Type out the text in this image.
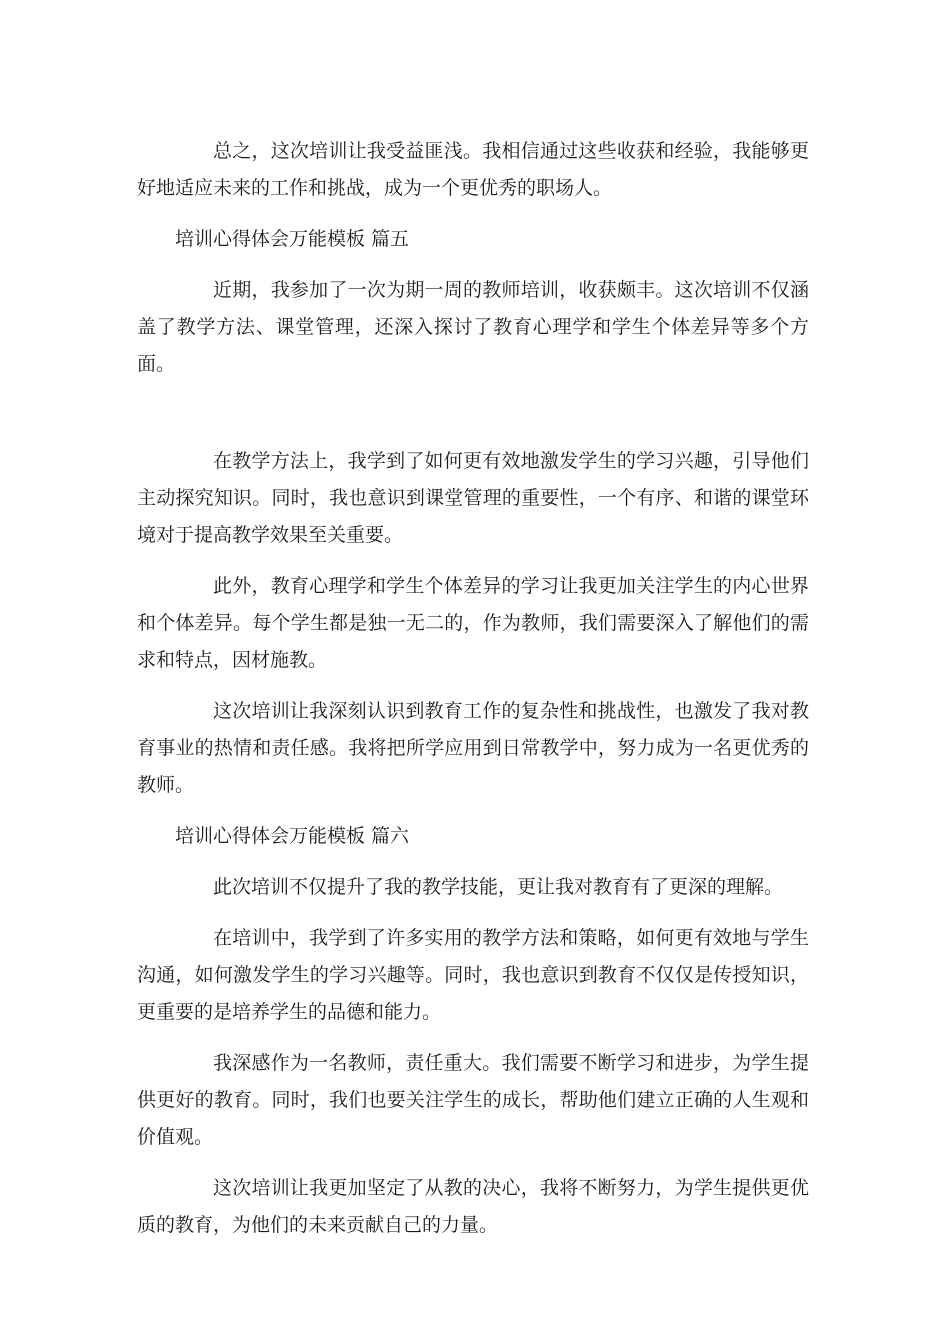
总之，这次培训让我受益匪浅。我相信通过这些收获和经验，我能够更好地适应未来的工作和挑战，成为一个更优秀的职场人。

培训心得体会万能模板 篇五

近期，我参加了一次为期一周的教师培训，收获颇丰。这次培训不仅涵盖了教学方法、课堂管理，还深入探讨了教育心理学和学生个体差异等多个方面。

在教学方法上，我学到了如何更有效地激发学生的学习兴趣，引导他们主动探究知识。同时，我也意识到课堂管理的重要性，一个有序、和谐的课堂环境对于提高教学效果至关重要。

此外，教育心理学和学生个体差异的学习让我更加关注学生的内心世界和个体差异。每个学生都是独一无二的，作为教师，我们需要深入了解他们的需求和特点，因材施教。

这次培训让我深刻认识到教育工作的复杂性和挑战性，也激发了我对教育事业的热情和责任感。我将把所学应用到日常教学中，努力成为一名更优秀的教师。

培训心得体会万能模板 篇六

此次培训不仅提升了我的教学技能，更让我对教育有了更深的理解。

在培训中，我学到了许多实用的教学方法和策略，如何更有效地与学生沟通，如何激发学生的学习兴趣等。同时，我也意识到教育不仅仅是传授知识，更重要的是培养学生的品德和能力。

我深感作为一名教师，责任重大。我们需要不断学习和进步，为学生提供更好的教育。同时，我们也要关注学生的成长，帮助他们建立正确的人生观和价值观。

这次培训让我更加坚定了从教的决心，我将不断努力，为学生提供更优质的教育，为他们的未来贡献自己的力量。
